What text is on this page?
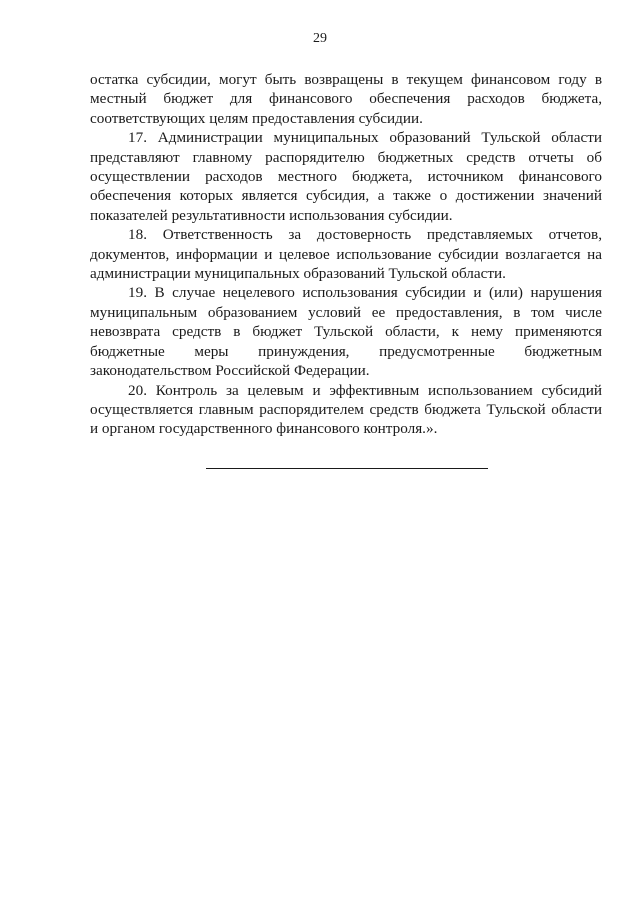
29

остатка субсидии, могут быть возвращены в текущем финансовом году в местный бюджет для финансового обеспечения расходов бюджета, соответствующих целям предоставления субсидии.

17. Администрации муниципальных образований Тульской области представляют главному распорядителю бюджетных средств отчеты об осуществлении расходов местного бюджета, источником финансового обеспечения которых является субсидия, а также о достижении значений показателей результативности использования субсидии.

18. Ответственность за достоверность представляемых отчетов, документов, информации и целевое использование субсидии возлагается на администрации муниципальных образований Тульской области.

19. В случае нецелевого использования субсидии и (или) нарушения муниципальным образованием условий ее предоставления, в том числе невозврата средств в бюджет Тульской области, к нему применяются бюджетные меры принуждения, предусмотренные бюджетным законодательством Российской Федерации.

20. Контроль за целевым и эффективным использованием субсидий осуществляется главным распорядителем средств бюджета Тульской области и органом государственного финансового контроля.».
